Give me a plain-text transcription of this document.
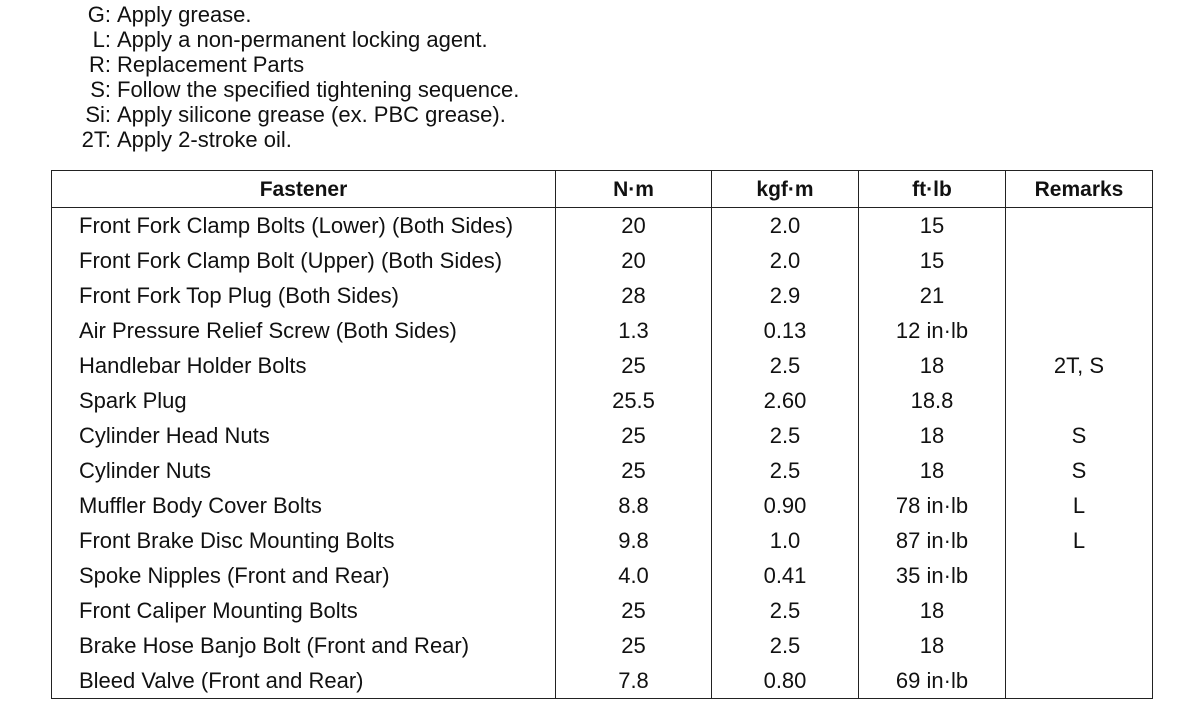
G: Apply grease.
L: Apply a non-permanent locking agent.
R: Replacement Parts
S: Follow the specified tightening sequence.
Si: Apply silicone grease (ex. PBC grease).
2T: Apply 2-stroke oil.
Fastener	N·m	kgf·m	ft·lb	Remarks
Front Fork Clamp Bolts (Lower) (Both Sides)	20	2.0	15	
Front Fork Clamp Bolt (Upper) (Both Sides)	20	2.0	15	
Front Fork Top Plug (Both Sides)	28	2.9	21	
Air Pressure Relief Screw (Both Sides)	1.3	0.13	12 in·lb	
Handlebar Holder Bolts	25	2.5	18	2T, S
Spark Plug	25.5	2.60	18.8	
Cylinder Head Nuts	25	2.5	18	S
Cylinder Nuts	25	2.5	18	S
Muffler Body Cover Bolts	8.8	0.90	78 in·lb	L
Front Brake Disc Mounting Bolts	9.8	1.0	87 in·lb	L
Spoke Nipples (Front and Rear)	4.0	0.41	35 in·lb	
Front Caliper Mounting Bolts	25	2.5	18	
Brake Hose Banjo Bolt (Front and Rear)	25	2.5	18	
Bleed Valve (Front and Rear)	7.8	0.80	69 in·lb	
